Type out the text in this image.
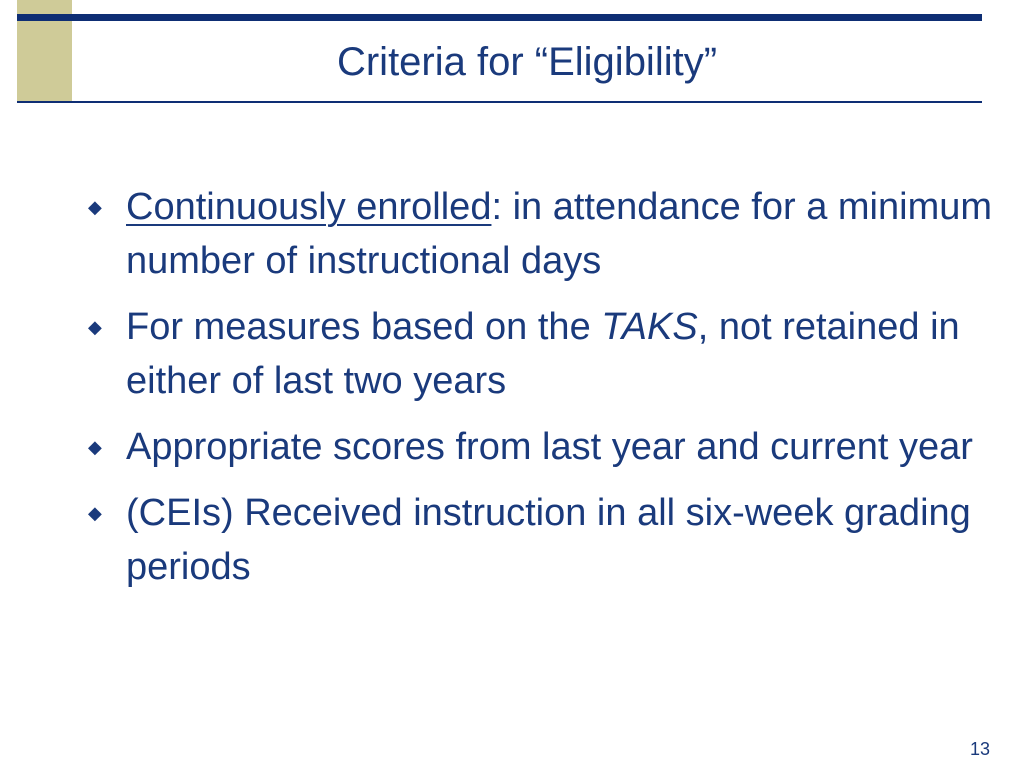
Criteria for “Eligibility”
◆ Continuously enrolled: in attendance for a minimum number of instructional days
◆ For measures based on the TAKS, not retained in either of last two years
◆ Appropriate scores from last year and current year
◆ (CEIs) Received instruction in all six-week grading periods
13
